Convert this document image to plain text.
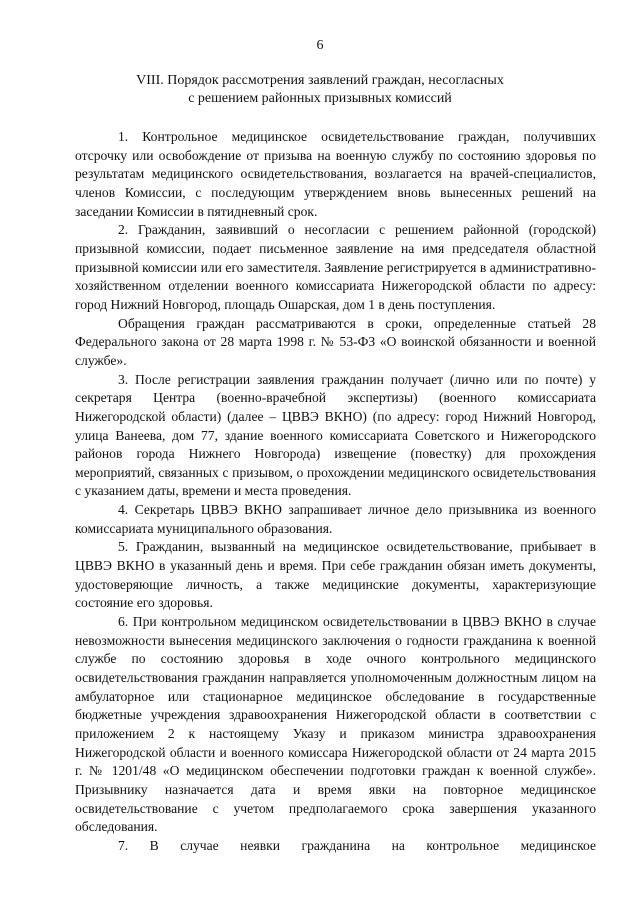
6
VIII. Порядок рассмотрения заявлений граждан, несогласных
с решением районных призывных комиссий

1. Контрольное медицинское освидетельствование граждан, получивших отсрочку или освобождение от призыва на военную службу по состоянию здоровья по результатам медицинского освидетельствования, возлагается на врачей-специалистов, членов Комиссии, с последующим утверждением вновь вынесенных решений на заседании Комиссии в пятидневный срок.

2. Гражданин, заявивший о несогласии с решением районной (городской) призывной комиссии, подает письменное заявление на имя председателя областной призывной комиссии или его заместителя. Заявление регистрируется в административно-хозяйственном отделении военного комиссариата Нижегородской области по адресу: город Нижний Новгород, площадь Ошарская, дом 1 в день поступления.

Обращения граждан рассматриваются в сроки, определенные статьей 28 Федерального закона от 28 марта 1998 г. № 53-ФЗ «О воинской обязанности и военной службе».

3. После регистрации заявления гражданин получает (лично или по почте) у секретаря Центра (военно-врачебной экспертизы) (военного комиссариата Нижегородской области) (далее – ЦВВЭ ВКНО) (по адресу: город Нижний Новгород, улица Ванеева, дом 77, здание военного комиссариата Советского и Нижегородского районов города Нижнего Новгорода) извещение (повестку) для прохождения мероприятий, связанных с призывом, о прохождении медицинского освидетельствования с указанием даты, времени и места проведения.

4. Секретарь ЦВВЭ ВКНО запрашивает личное дело призывника из военного комиссариата муниципального образования.

5. Гражданин, вызванный на медицинское освидетельствование, прибывает в ЦВВЭ ВКНО в указанный день и время. При себе гражданин обязан иметь документы, удостоверяющие личность, а также медицинские документы, характеризующие состояние его здоровья.

6. При контрольном медицинском освидетельствовании в ЦВВЭ ВКНО в случае невозможности вынесения медицинского заключения о годности гражданина к военной службе по состоянию здоровья в ходе очного контрольного медицинского освидетельствования гражданин направляется уполномоченным должностным лицом на амбулаторное или стационарное медицинское обследование в государственные бюджетные учреждения здравоохранения Нижегородской области в соответствии с приложением 2 к настоящему Указу и приказом министра здравоохранения Нижегородской области и военного комиссара Нижегородской области от 24 марта 2015 г. № 1201/48 «О медицинском обеспечении подготовки граждан к военной службе». Призывнику назначается дата и время явки на повторное медицинское освидетельствование с учетом предполагаемого срока завершения указанного обследования.

7. В случае неявки гражданина на контрольное медицинское
